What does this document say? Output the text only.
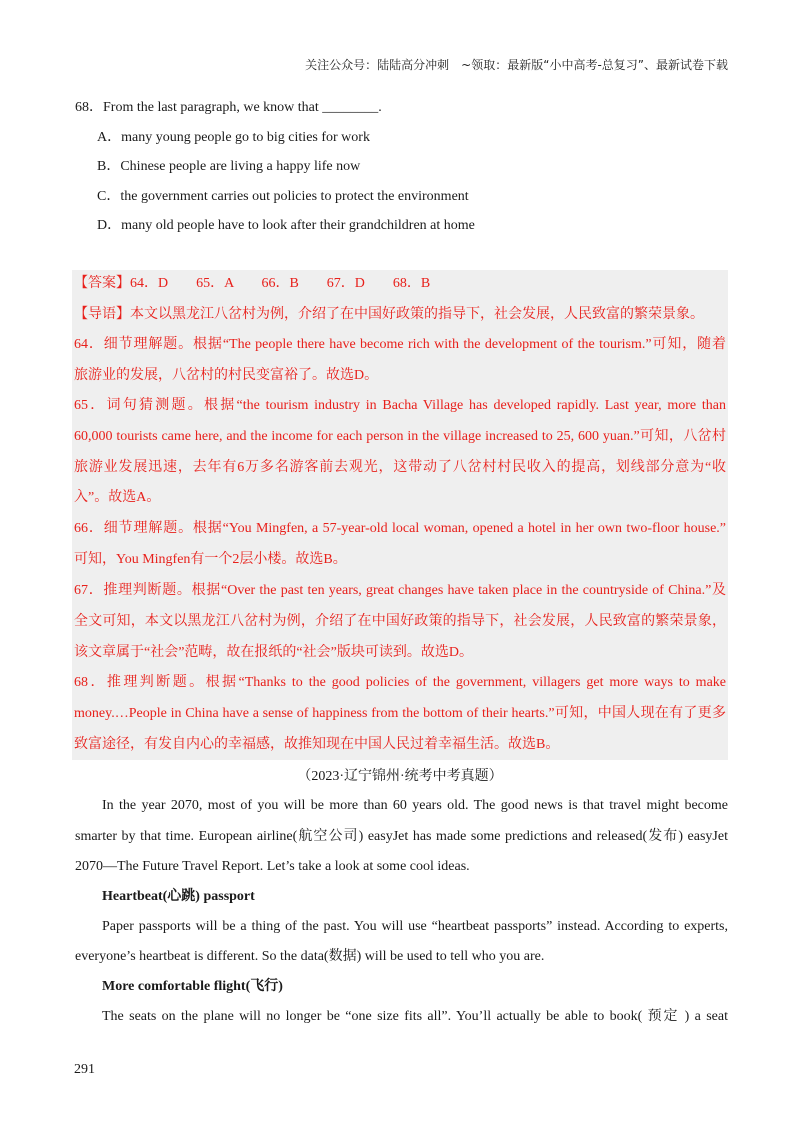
关注公众号：陆陆高分冲刺　~领取：最新版“小中高考-总复习”、最新试卷下载
68．From the last paragraph, we know that ________.
A．many young people go to big cities for work
B．Chinese people are living a happy life now
C．the government carries out policies to protect the environment
D．many old people have to look after their grandchildren at home
【答案】64．D　　65．A　　66．B　　67．D　　68．B
【导语】本文以黑龙江八岔村为例，介绍了在中国好政策的指导下，社会发展，人民致富的繁荣景象。
64．细节理解题。根据“The people there have become rich with the development of the tourism.”可知，随着
旅游业的发展，八岔村的村民变富裕了。故选D。
65．词句猜测题。根据“the tourism industry in Bacha Village has developed rapidly. Last year, more than
60,000 tourists came here, and the income for each person in the village increased to 25, 600 yuan.”可知，八岔村
旅游业发展迅速，去年有6万多名游客前去观光，这带动了八岔村村民收入的提高，划线部分意为“收
入”。故选A。
66．细节理解题。根据“You Mingfen, a 57-year-old local woman, opened a hotel in her own two-floor house.”
可知，You Mingfen有一个2层小楼。故选B。
67．推理判断题。根据“Over the past ten years, great changes have taken place in the countryside of China.”及
全文可知，本文以黑龙江八岔村为例，介绍了在中国好政策的指导下，社会发展，人民致富的繁荣景象，
该文章属于“社会”范畴，故在报纸的“社会”版块可读到。故选D。
68．推理判断题。根据“Thanks to the good policies of the government, villagers get more ways to make
money.…People in China have a sense of happiness from the bottom of their hearts.”可知，中国人现在有了更多
致富途径，有发自内心的幸福感，故推知现在中国人民过着幸福生活。故选B。
（2023·辽宁锦州·统考中考真题）
In the year 2070, most of you will be more than 60 years old. The good news is that travel might become
smarter by that time. European airline(航空公司) easyJet has made some predictions and released(发布) easyJet
2070—The Future Travel Report. Let’s take a look at some cool ideas.
Heartbeat(心跳) passport
Paper passports will be a thing of the past. You will use “heartbeat passports” instead. According to experts,
everyone’s heartbeat is different. So the data(数据) will be used to tell who you are.
More comfortable flight(飞行)
The seats on the plane will no longer be “one size fits all”. You’ll actually be able to book( 预定 ) a seat
291
